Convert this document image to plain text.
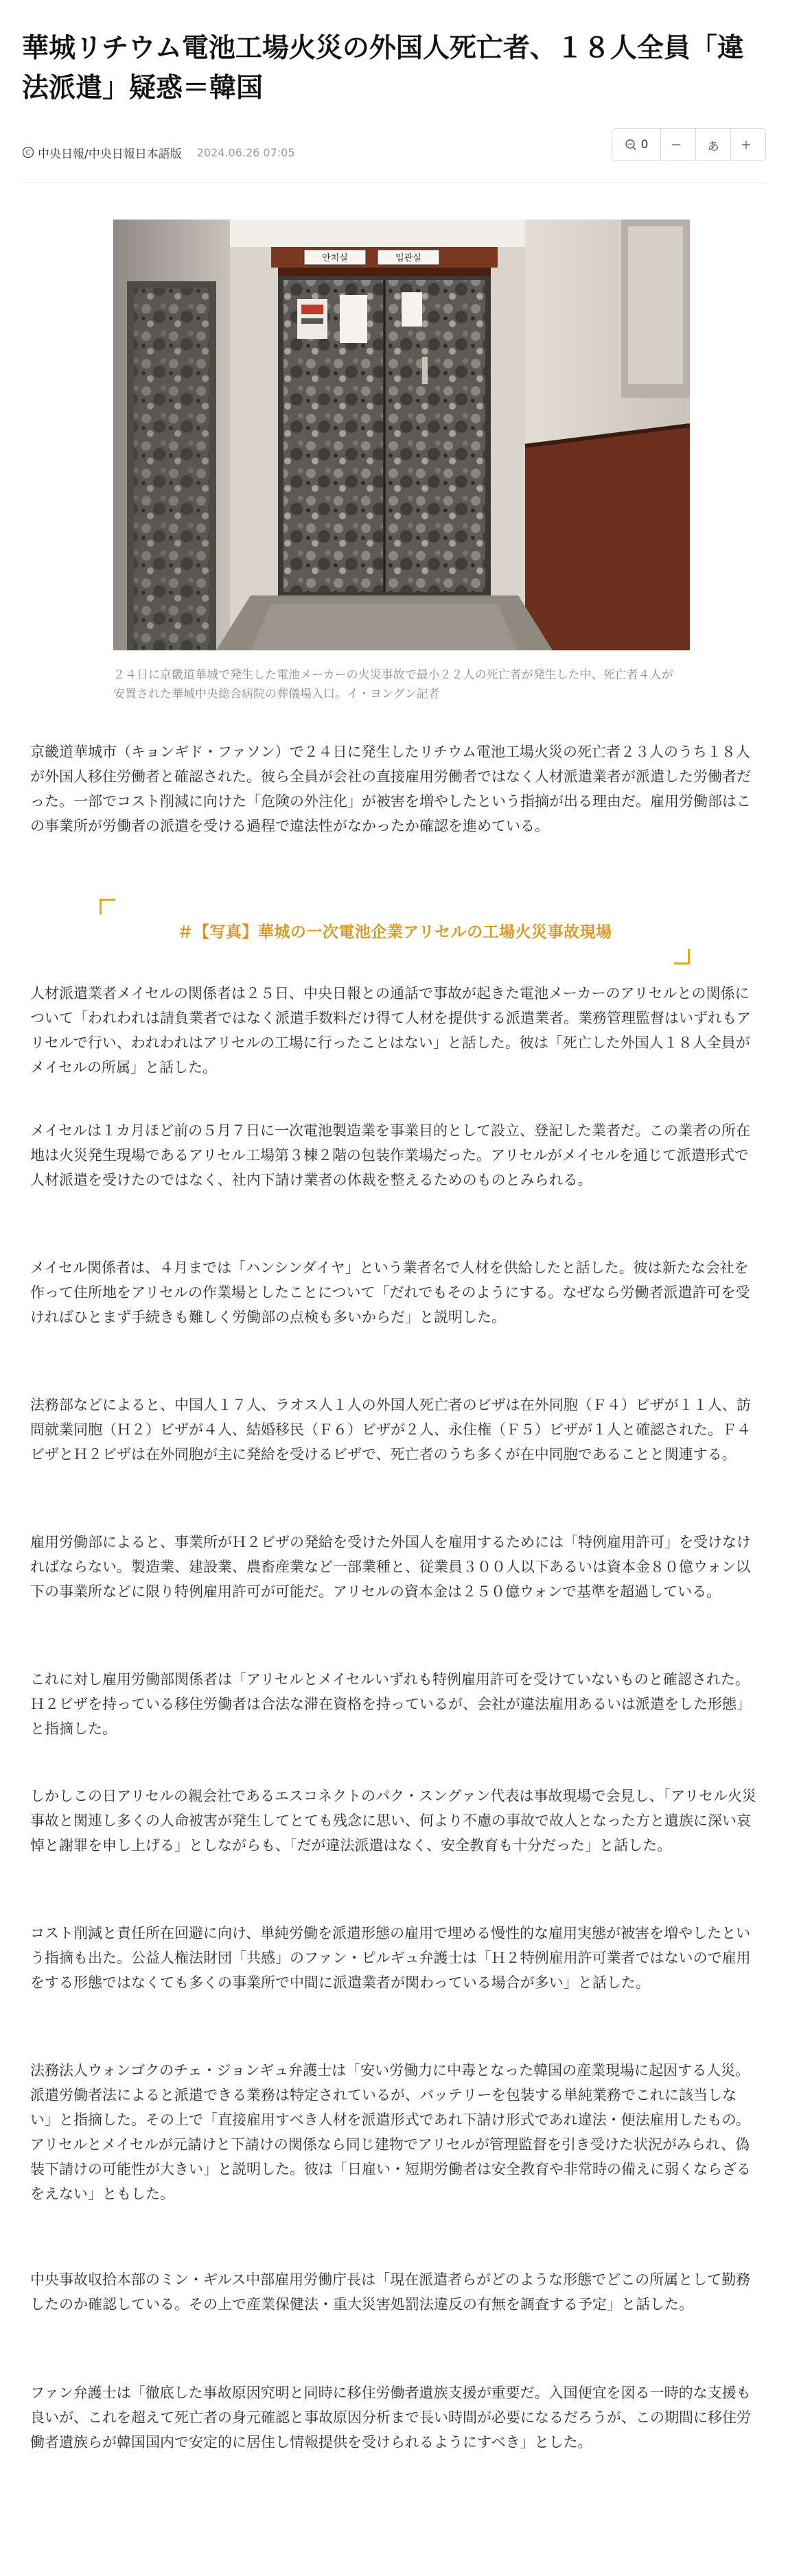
華城リチウム電池工場火災の外国人死亡者、１８人全員「違法派遣」疑惑＝韓国
C 中央日報/中央日報日本語版 2024.06.26 07:05
0	あ
안치실	입관실

２４日に京畿道華城で発生した電池メーカーの火災事故で最小２２人の死亡者が発生した中、死亡者４人が安置された華城中央総合病院の葬儀場入口。イ・ヨングン記者

京畿道華城市（キョンギド・ファソン）で２４日に発生したリチウム電池工場火災の死亡者２３人のうち１８人が外国人移住労働者と確認された。彼ら全員が会社の直接雇用労働者ではなく人材派遣業者が派遣した労働者だった。一部でコスト削減に向けた「危険の外注化」が被害を増やしたという指摘が出る理由だ。雇用労働部はこの事業所が労働者の派遣を受ける過程で違法性がなかったか確認を進めている。

＃【写真】華城の一次電池企業アリセルの工場火災事故現場

人材派遣業者メイセルの関係者は２５日、中央日報との通話で事故が起きた電池メーカーのアリセルとの関係について「われわれは請負業者ではなく派遣手数料だけ得て人材を提供する派遣業者。業務管理監督はいずれもアリセルで行い、われわれはアリセルの工場に行ったことはない」と話した。彼は「死亡した外国人１８人全員がメイセルの所属」と話した。

メイセルは１カ月ほど前の５月７日に一次電池製造業を事業目的として設立、登記した業者だ。この業者の所在地は火災発生現場であるアリセル工場第３棟２階の包装作業場だった。アリセルがメイセルを通じて派遣形式で人材派遣を受けたのではなく、社内下請け業者の体裁を整えるためのものとみられる。

メイセル関係者は、４月までは「ハンシンダイヤ」という業者名で人材を供給したと話した。彼は新たな会社を作って住所地をアリセルの作業場としたことについて「だれでもそのようにする。なぜなら労働者派遣許可を受ければひとまず手続きも難しく労働部の点検も多いからだ」と説明した。

法務部などによると、中国人１７人、ラオス人１人の外国人死亡者のビザは在外同胞（Ｆ４）ビザが１１人、訪問就業同胞（Ｈ２）ビザが４人、結婚移民（Ｆ６）ビザが２人、永住権（Ｆ５）ビザが１人と確認された。Ｆ４ビザとＨ２ビザは在外同胞が主に発給を受けるビザで、死亡者のうち多くが在中同胞であることと関連する。

雇用労働部によると、事業所がＨ２ビザの発給を受けた外国人を雇用するためには「特例雇用許可」を受けなければならない。製造業、建設業、農畜産業など一部業種と、従業員３００人以下あるいは資本金８０億ウォン以下の事業所などに限り特例雇用許可が可能だ。アリセルの資本金は２５０億ウォンで基準を超過している。

これに対し雇用労働部関係者は「アリセルとメイセルいずれも特例雇用許可を受けていないものと確認された。Ｈ２ビザを持っている移住労働者は合法な滞在資格を持っているが、会社が違法雇用あるいは派遣をした形態」と指摘した。

しかしこの日アリセルの親会社であるエスコネクトのパク・スングァン代表は事故現場で会見し、「アリセル火災事故と関連し多くの人命被害が発生してとても残念に思い、何より不慮の事故で故人となった方と遺族に深い哀悼と謝罪を申し上げる」としながらも、「だが違法派遣はなく、安全教育も十分だった」と話した。

コスト削減と責任所在回避に向け、単純労働を派遣形態の雇用で埋める慢性的な雇用実態が被害を増やしたという指摘も出た。公益人権法財団「共感」のファン・ピルギュ弁護士は「Ｈ２特例雇用許可業者ではないので雇用をする形態ではなくても多くの事業所で中間に派遣業者が関わっている場合が多い」と話した。

法務法人ウォンゴクのチェ・ジョンギュ弁護士は「安い労働力に中毒となった韓国の産業現場に起因する人災。派遣労働者法によると派遣できる業務は特定されているが、バッテリーを包装する単純業務でこれに該当しない」と指摘した。その上で「直接雇用すべき人材を派遣形式であれ下請け形式であれ違法・便法雇用したもの。アリセルとメイセルが元請けと下請けの関係なら同じ建物でアリセルが管理監督を引き受けた状況がみられ、偽装下請けの可能性が大きい」と説明した。彼は「日雇い・短期労働者は安全教育や非常時の備えに弱くならざるをえない」ともした。

中央事故収拾本部のミン・ギルス中部雇用労働庁長は「現在派遣者らがどのような形態でどこの所属として勤務したのか確認している。その上で産業保健法・重大災害処罰法違反の有無を調査する予定」と話した。

ファン弁護士は「徹底した事故原因究明と同時に移住労働者遺族支援が重要だ。入国便宜を図る一時的な支援も良いが、これを超えて死亡者の身元確認と事故原因分析まで長い時間が必要になるだろうが、この期間に移住労働者遺族らが韓国国内で安定的に居住し情報提供を受けられるようにすべき」とした。
